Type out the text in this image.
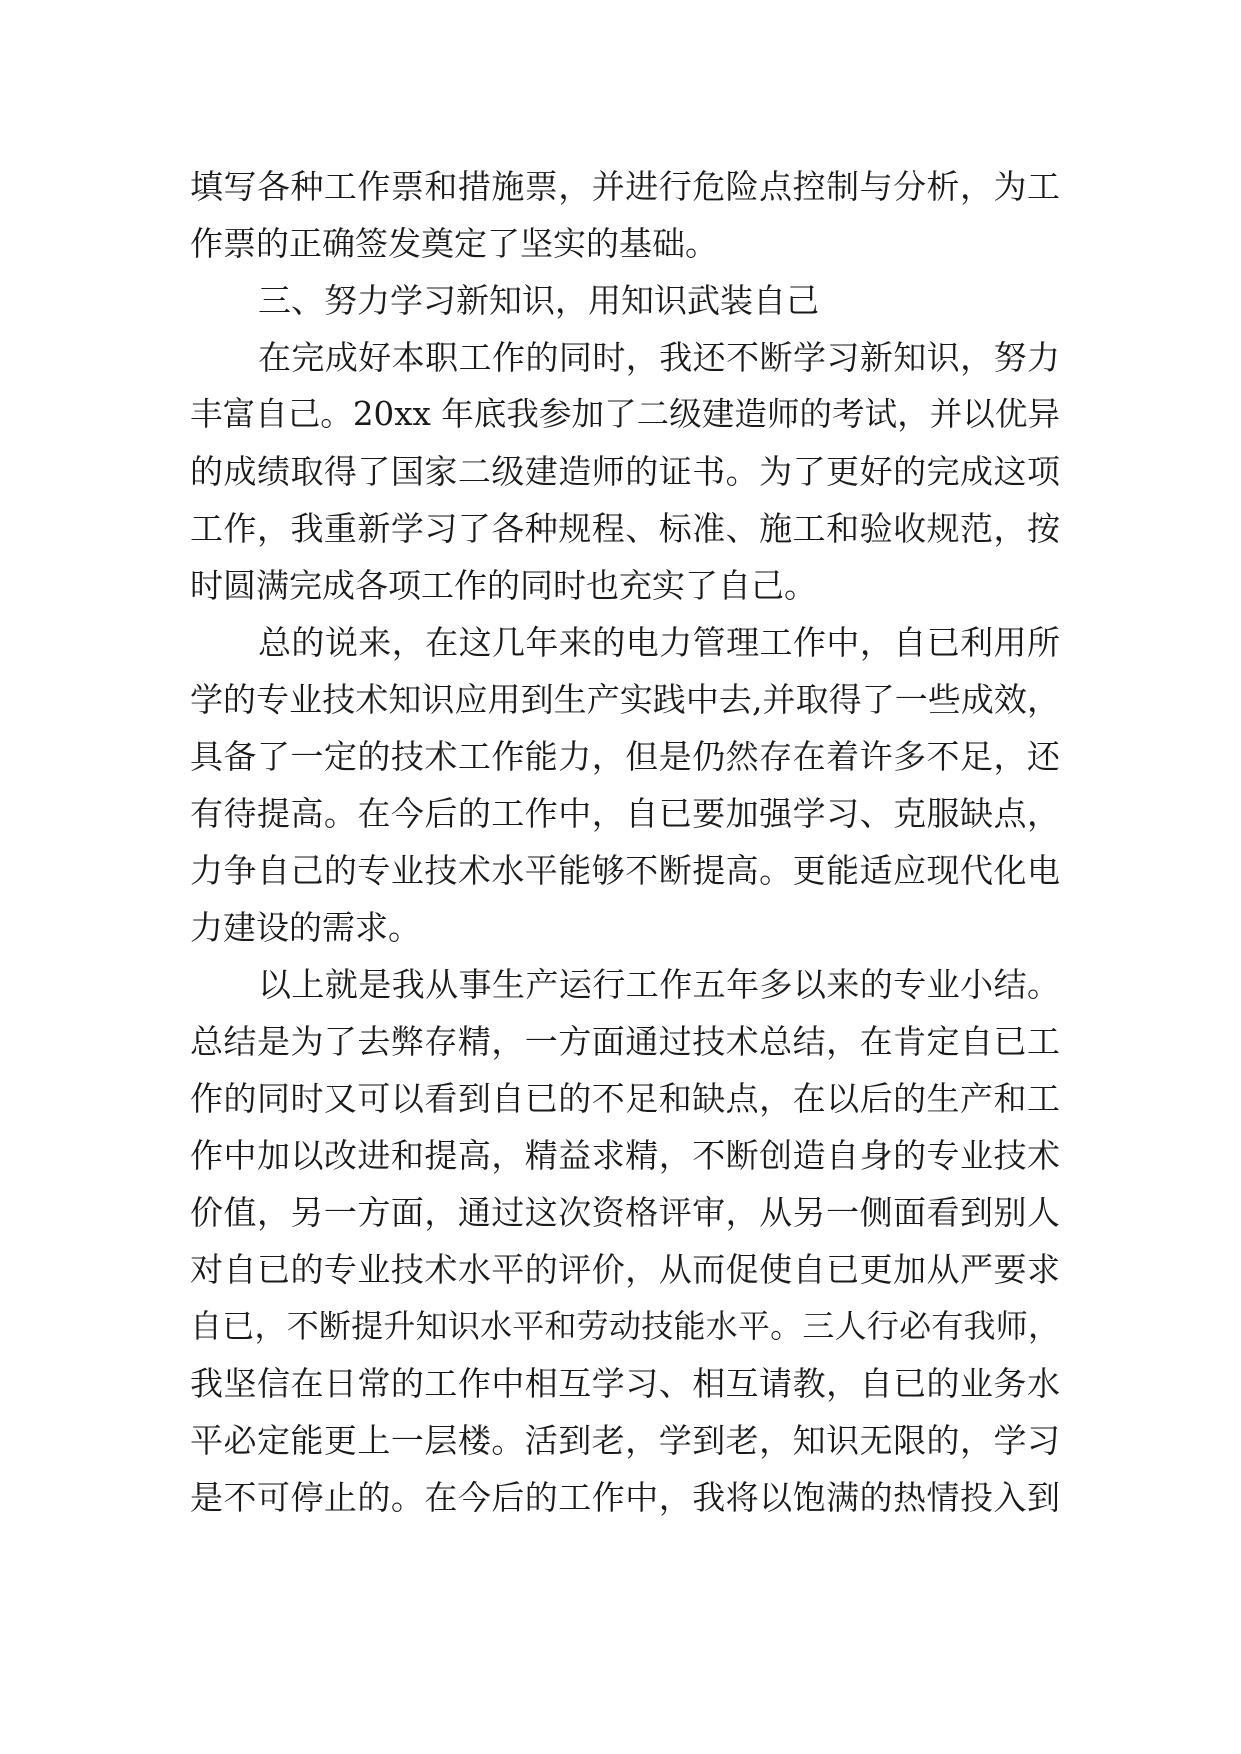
填写各种工作票和措施票，并进行危险点控制与分析，为工
作票的正确签发奠定了坚实的基础。
三、努力学习新知识，用知识武装自己
在完成好本职工作的同时，我还不断学习新知识，努力
丰富自己。20xx 年底我参加了二级建造师的考试，并以优异
的成绩取得了国家二级建造师的证书。为了更好的完成这项
工作，我重新学习了各种规程、标准、施工和验收规范，按
时圆满完成各项工作的同时也充实了自己。
总的说来，在这几年来的电力管理工作中，自已利用所
学的专业技术知识应用到生产实践中去,并取得了一些成效，
具备了一定的技术工作能力，但是仍然存在着许多不足，还
有待提高。在今后的工作中，自已要加强学习、克服缺点，
力争自己的专业技术水平能够不断提高。更能适应现代化电
力建设的需求。
以上就是我从事生产运行工作五年多以来的专业小结。
总结是为了去弊存精，一方面通过技术总结，在肯定自已工
作的同时又可以看到自已的不足和缺点，在以后的生产和工
作中加以改进和提高，精益求精，不断创造自身的专业技术
价值，另一方面，通过这次资格评审，从另一侧面看到别人
对自已的专业技术水平的评价，从而促使自已更加从严要求
自已，不断提升知识水平和劳动技能水平。三人行必有我师，
我坚信在日常的工作中相互学习、相互请教，自已的业务水
平必定能更上一层楼。活到老，学到老，知识无限的，学习
是不可停止的。在今后的工作中，我将以饱满的热情投入到
